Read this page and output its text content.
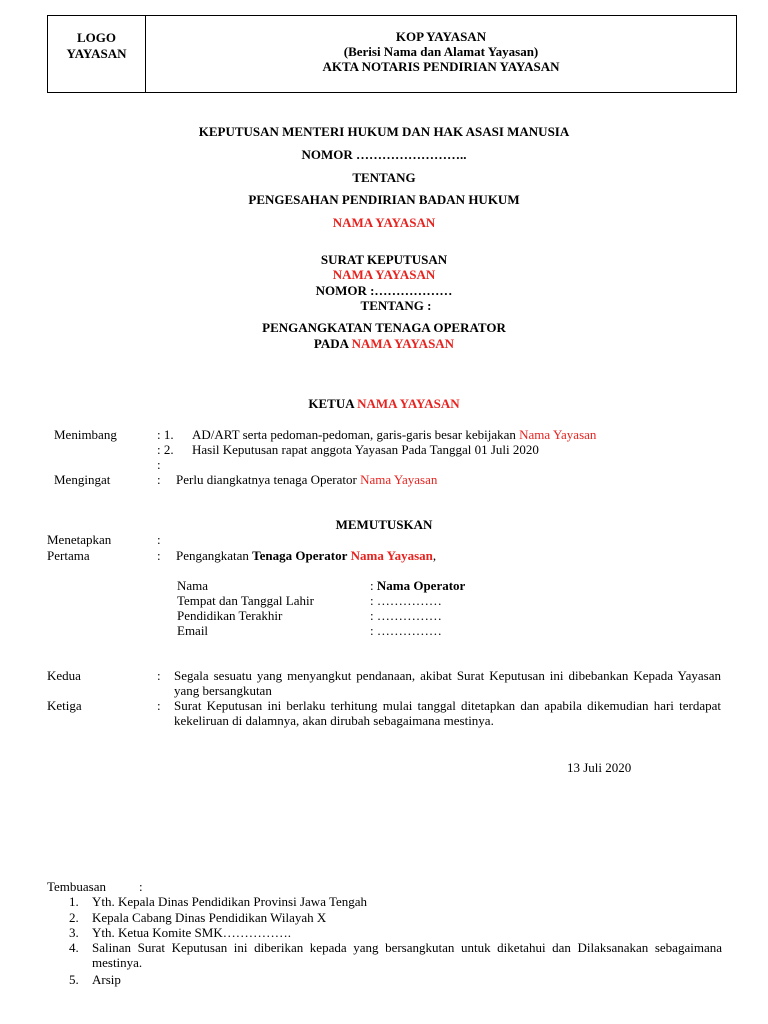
LOGO
YAYASAN
KOP YAYASAN
(Berisi Nama dan Alamat Yayasan)
AKTA NOTARIS PENDIRIAN YAYASAN
KEPUTUSAN MENTERI HUKUM DAN HAK ASASI MANUSIA
NOMOR ……………………..
TENTANG
PENGESAHAN PENDIRIAN BADAN HUKUM
NAMA YAYASAN
SURAT KEPUTUSAN
NAMA YAYASAN
NOMOR :………………
TENTANG :
PENGANGKATAN TENAGA OPERATOR
PADA NAMA YAYASAN
KETUA NAMA YAYASAN
Menimbang	: 1. AD/ART serta pedoman-pedoman, garis-garis besar kebijakan Nama Yayasan
: 2. Hasil Keputusan rapat anggota Yayasan Pada Tanggal 01 Juli 2020
:
Mengingat	: Perlu diangkatnya tenaga Operator Nama Yayasan
MEMUTUSKAN
Menetapkan	:
Pertama	: Pengangkatan Tenaga Operator Nama Yayasan,
Nama	: Nama Operator
Tempat dan Tanggal Lahir	: ……………
Pendidikan Terakhir	: ……………
Email	: ……………
Kedua	: Segala sesuatu yang menyangkut pendanaan, akibat Surat Keputusan ini dibebankan Kepada Yayasan yang bersangkutan
Ketiga	: Surat Keputusan ini berlaku terhitung mulai tanggal ditetapkan dan apabila dikemudian hari terdapat kekeliruan di dalamnya, akan dirubah sebagaimana mestinya.
13 Juli 2020
Tembuasan	:
1. Yth. Kepala Dinas Pendidikan Provinsi Jawa Tengah
2. Kepala Cabang Dinas Pendidikan Wilayah X
3. Yth. Ketua Komite SMK…………….
4. Salinan Surat Keputusan ini diberikan kepada yang bersangkutan untuk diketahui dan Dilaksanakan sebagaimana mestinya.
5. Arsip
